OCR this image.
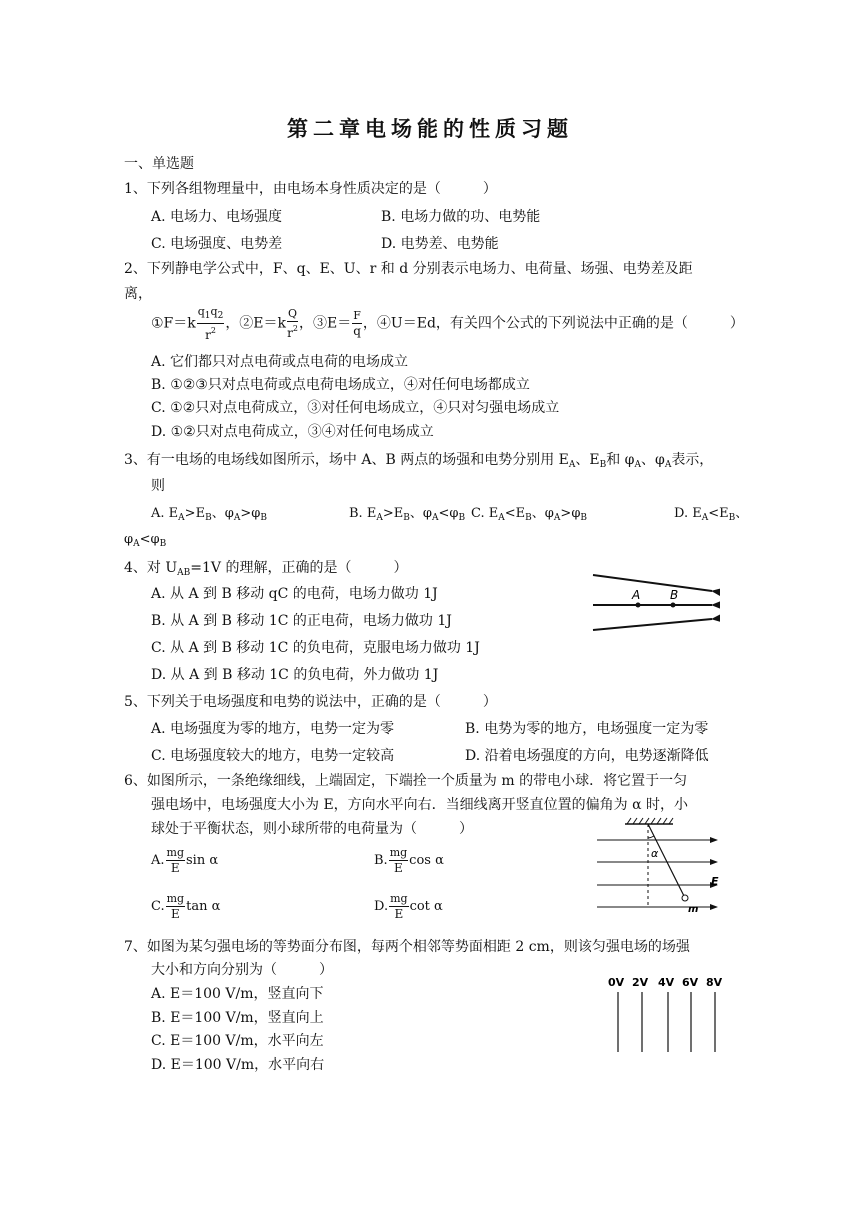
第二章电场能的性质习题
一、单选题
1、下列各组物理量中，由电场本身性质决定的是（　　　）
A. 电场力、电场强度	B. 电场力做的功、电势能
C. 电场强度、电势差	D. 电势差、电势能
2、下列静电学公式中，F、q、E、U、r 和 d 分别表示电场力、电荷量、场强、电势差及距
离，
①F＝k $\frac{q_1q_2}{r^2}$ ，②E＝k $\frac{Q}{r^2}$ ，③E＝ $\frac{F}{q}$ ，④U＝Ed，有关四个公式的下列说法中正确的是（　　　）
A. 它们都只对点电荷或点电荷的电场成立
B. ①②③只对点电荷或点电荷电场成立，④对任何电场都成立
C. ①②只对点电荷成立，③对任何电场成立，④只对匀强电场成立
D. ①②只对点电荷成立，③④对任何电场成立
3、有一电场的电场线如图所示，场中 A、B 两点的场强和电势分别用 $E_A$、$E_B$和 $\varphi_A$、$\varphi_A$表示，
则
A. $E_A>E_B$、$\varphi_A>\varphi_B$	B. $E_A>E_B$、$\varphi_A<\varphi_B$ C. $E_A<E_B$、$\varphi_A>\varphi_B$	D. $E_A<E_B$、
$\varphi_A<\varphi_B$
4、对 $U_{AB}=1V$ 的理解，正确的是（　　　）
A. 从 A 到 B 移动 qC 的电荷，电场力做功 1J
B. 从 A 到 B 移动 1C 的正电荷，电场力做功 1J
C. 从 A 到 B 移动 1C 的负电荷，克服电场力做功 1J
D. 从 A 到 B 移动 1C 的负电荷，外力做功 1J
A B
5、下列关于电场强度和电势的说法中，正确的是（　　　）
A. 电场强度为零的地方，电势一定为零	B. 电势为零的地方，电场强度一定为零
C. 电场强度较大的地方，电势一定较高	D. 沿着电场强度的方向，电势逐渐降低
6、如图所示，一条绝缘细线，上端固定，下端拴一个质量为 m 的带电小球．将它置于一匀
强电场中，电场强度大小为 E，方向水平向右．当细线离开竖直位置的偏角为 α 时，小
球处于平衡状态，则小球所带的电荷量为（　　　）
A. $\frac{mg}{E}$ sin α	B. $\frac{mg}{E}$ cos α
C. $\frac{mg}{E}$ tan α	D. $\frac{mg}{E}$ cot α
α
E
m
7、如图为某匀强电场的等势面分布图，每两个相邻等势面相距 2 cm，则该匀强电场的场强
大小和方向分别为（　　　）
A. E＝100 V/m，竖直向下
B. E＝100 V/m，竖直向上
C. E＝100 V/m，水平向左
D. E＝100 V/m，水平向右
0V 2V 4V 6V 8V
